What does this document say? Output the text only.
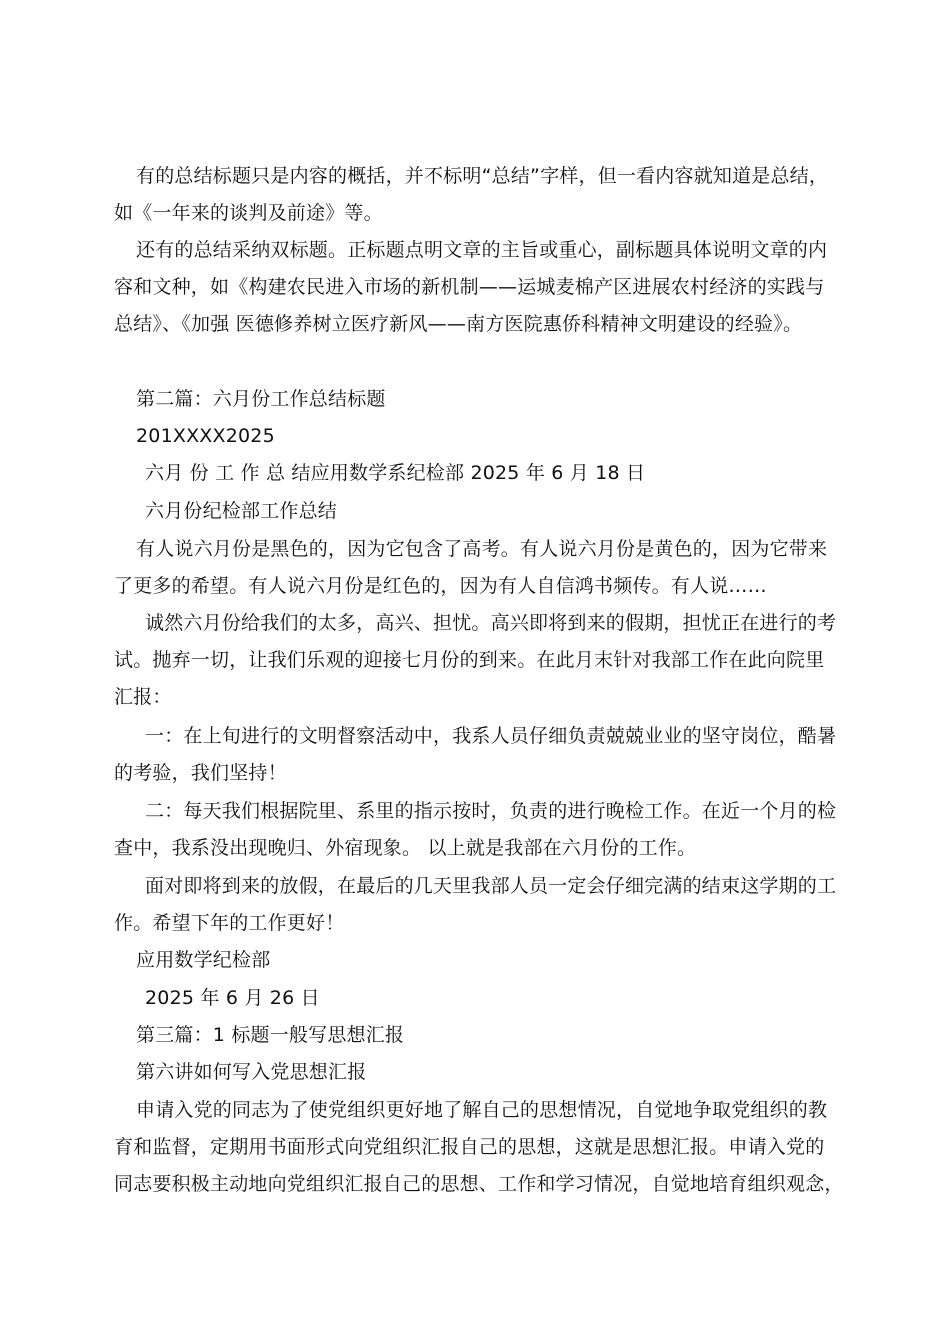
有的总结标题只是内容的概括，并不标明“总结”字样，但一看内容就知道是总结，
如《一年来的谈判及前途》等。
还有的总结采纳双标题。正标题点明文章的主旨或重心，副标题具体说明文章的内
容和文种，如《构建农民进入市场的新机制——运城麦棉产区进展农村经济的实践与
总结》、《加强 医德修养树立医疗新风——南方医院惠侨科精神文明建设的经验》。
第二篇：六月份工作总结标题
201XXXX2025
六月 份 工 作 总 结应用数学系纪检部 2025 年 6 月 18 日
六月份纪检部工作总结
有人说六月份是黑色的，因为它包含了高考。有人说六月份是黄色的，因为它带来
了更多的希望。有人说六月份是红色的，因为有人自信鸿书频传。有人说……
诚然六月份给我们的太多，高兴、担忧。高兴即将到来的假期，担忧正在进行的考
试。抛弃一切，让我们乐观的迎接七月份的到来。在此月末针对我部工作在此向院里
汇报：
一：在上旬进行的文明督察活动中，我系人员仔细负责兢兢业业的坚守岗位，酷暑
的考验，我们坚持！
二：每天我们根据院里、系里的指示按时，负责的进行晚检工作。在近一个月的检
查中，我系没出现晚归、外宿现象。 以上就是我部在六月份的工作。
面对即将到来的放假，在最后的几天里我部人员一定会仔细完满的结束这学期的工
作。希望下年的工作更好！
应用数学纪检部
2025 年 6 月 26 日
第三篇：1 标题一般写思想汇报
第六讲如何写入党思想汇报
申请入党的同志为了使党组织更好地了解自己的思想情况，自觉地争取党组织的教
育和监督，定期用书面形式向党组织汇报自己的思想，这就是思想汇报。申请入党的
同志要积极主动地向党组织汇报自己的思想、工作和学习情况，自觉地培育组织观念，
